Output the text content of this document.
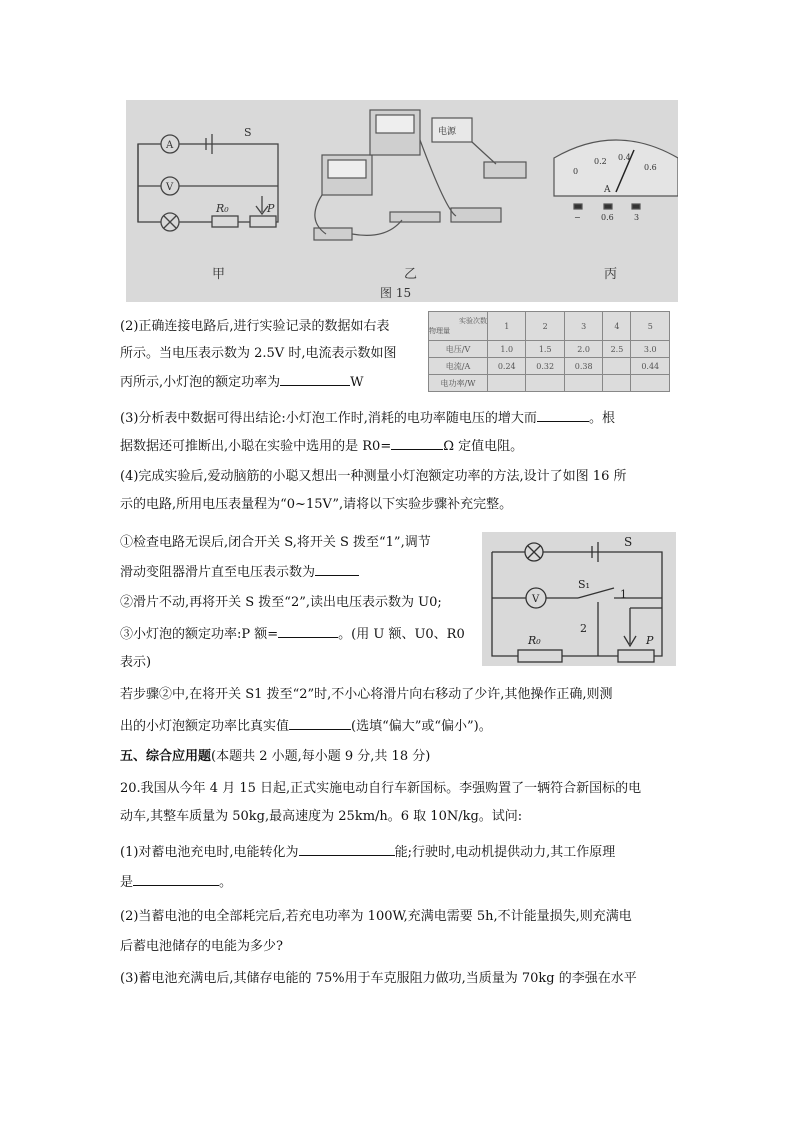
A
V
S
R₀	P
电源
0
0.2 0.4
0.6
A
−	0.6	3
甲	乙	丙
图 15
实验次数
物理量	1	2	3	4	5
电压/V	1.0	1.5	2.0	2.5	3.0
电流/A	0.24	0.32	0.38		0.44
电功率/W					
V
S
S₁
1
2
R₀	P
(2)正确连接电路后,进行实验记录的数据如右表
所示。当电压表示数为 2.5V 时,电流表示数如图
丙所示,小灯泡的额定功率为	W
(3)分析表中数据可得出结论:小灯泡工作时,消耗的电功率随电压的增大而	。根
据数据还可推断出,小聪在实验中选用的是 R0=	Ω 定值电阻。
(4)完成实验后,爱动脑筋的小聪又想出一种测量小灯泡额定功率的方法,设计了如图 16 所
示的电路,所用电压表量程为“0~15V”,请将以下实验步骤补充完整。
①检查电路无误后,闭合开关 S,将开关 S 拨至“1”,调节
滑动变阻器滑片直至电压表示数为
②滑片不动,再将开关 S 拨至“2”,读出电压表示数为 U0;
③小灯泡的额定功率:P 额=	。(用 U 额、U0、R0
表示)
若步骤②中,在将开关 S1 拨至“2”时,不小心将滑片向右移动了少许,其他操作正确,则测
出的小灯泡额定功率比真实值	(选填“偏大”或“偏小”)。
五、综合应用题(本题共 2 小题,每小题 9 分,共 18 分)
20.我国从今年 4 月 15 日起,正式实施电动自行车新国标。李强购置了一辆符合新国标的电
动车,其整车质量为 50kg,最高速度为 25km/h。6 取 10N/kg。试问:
(1)对蓄电池充电时,电能转化为	能;行驶时,电动机提供动力,其工作原理
是	。
(2)当蓄电池的电全部耗完后,若充电功率为 100W,充满电需要 5h,不计能量损失,则充满电
后蓄电池储存的电能为多少?
(3)蓄电池充满电后,其储存电能的 75%用于车克服阻力做功,当质量为 70kg 的李强在水平
